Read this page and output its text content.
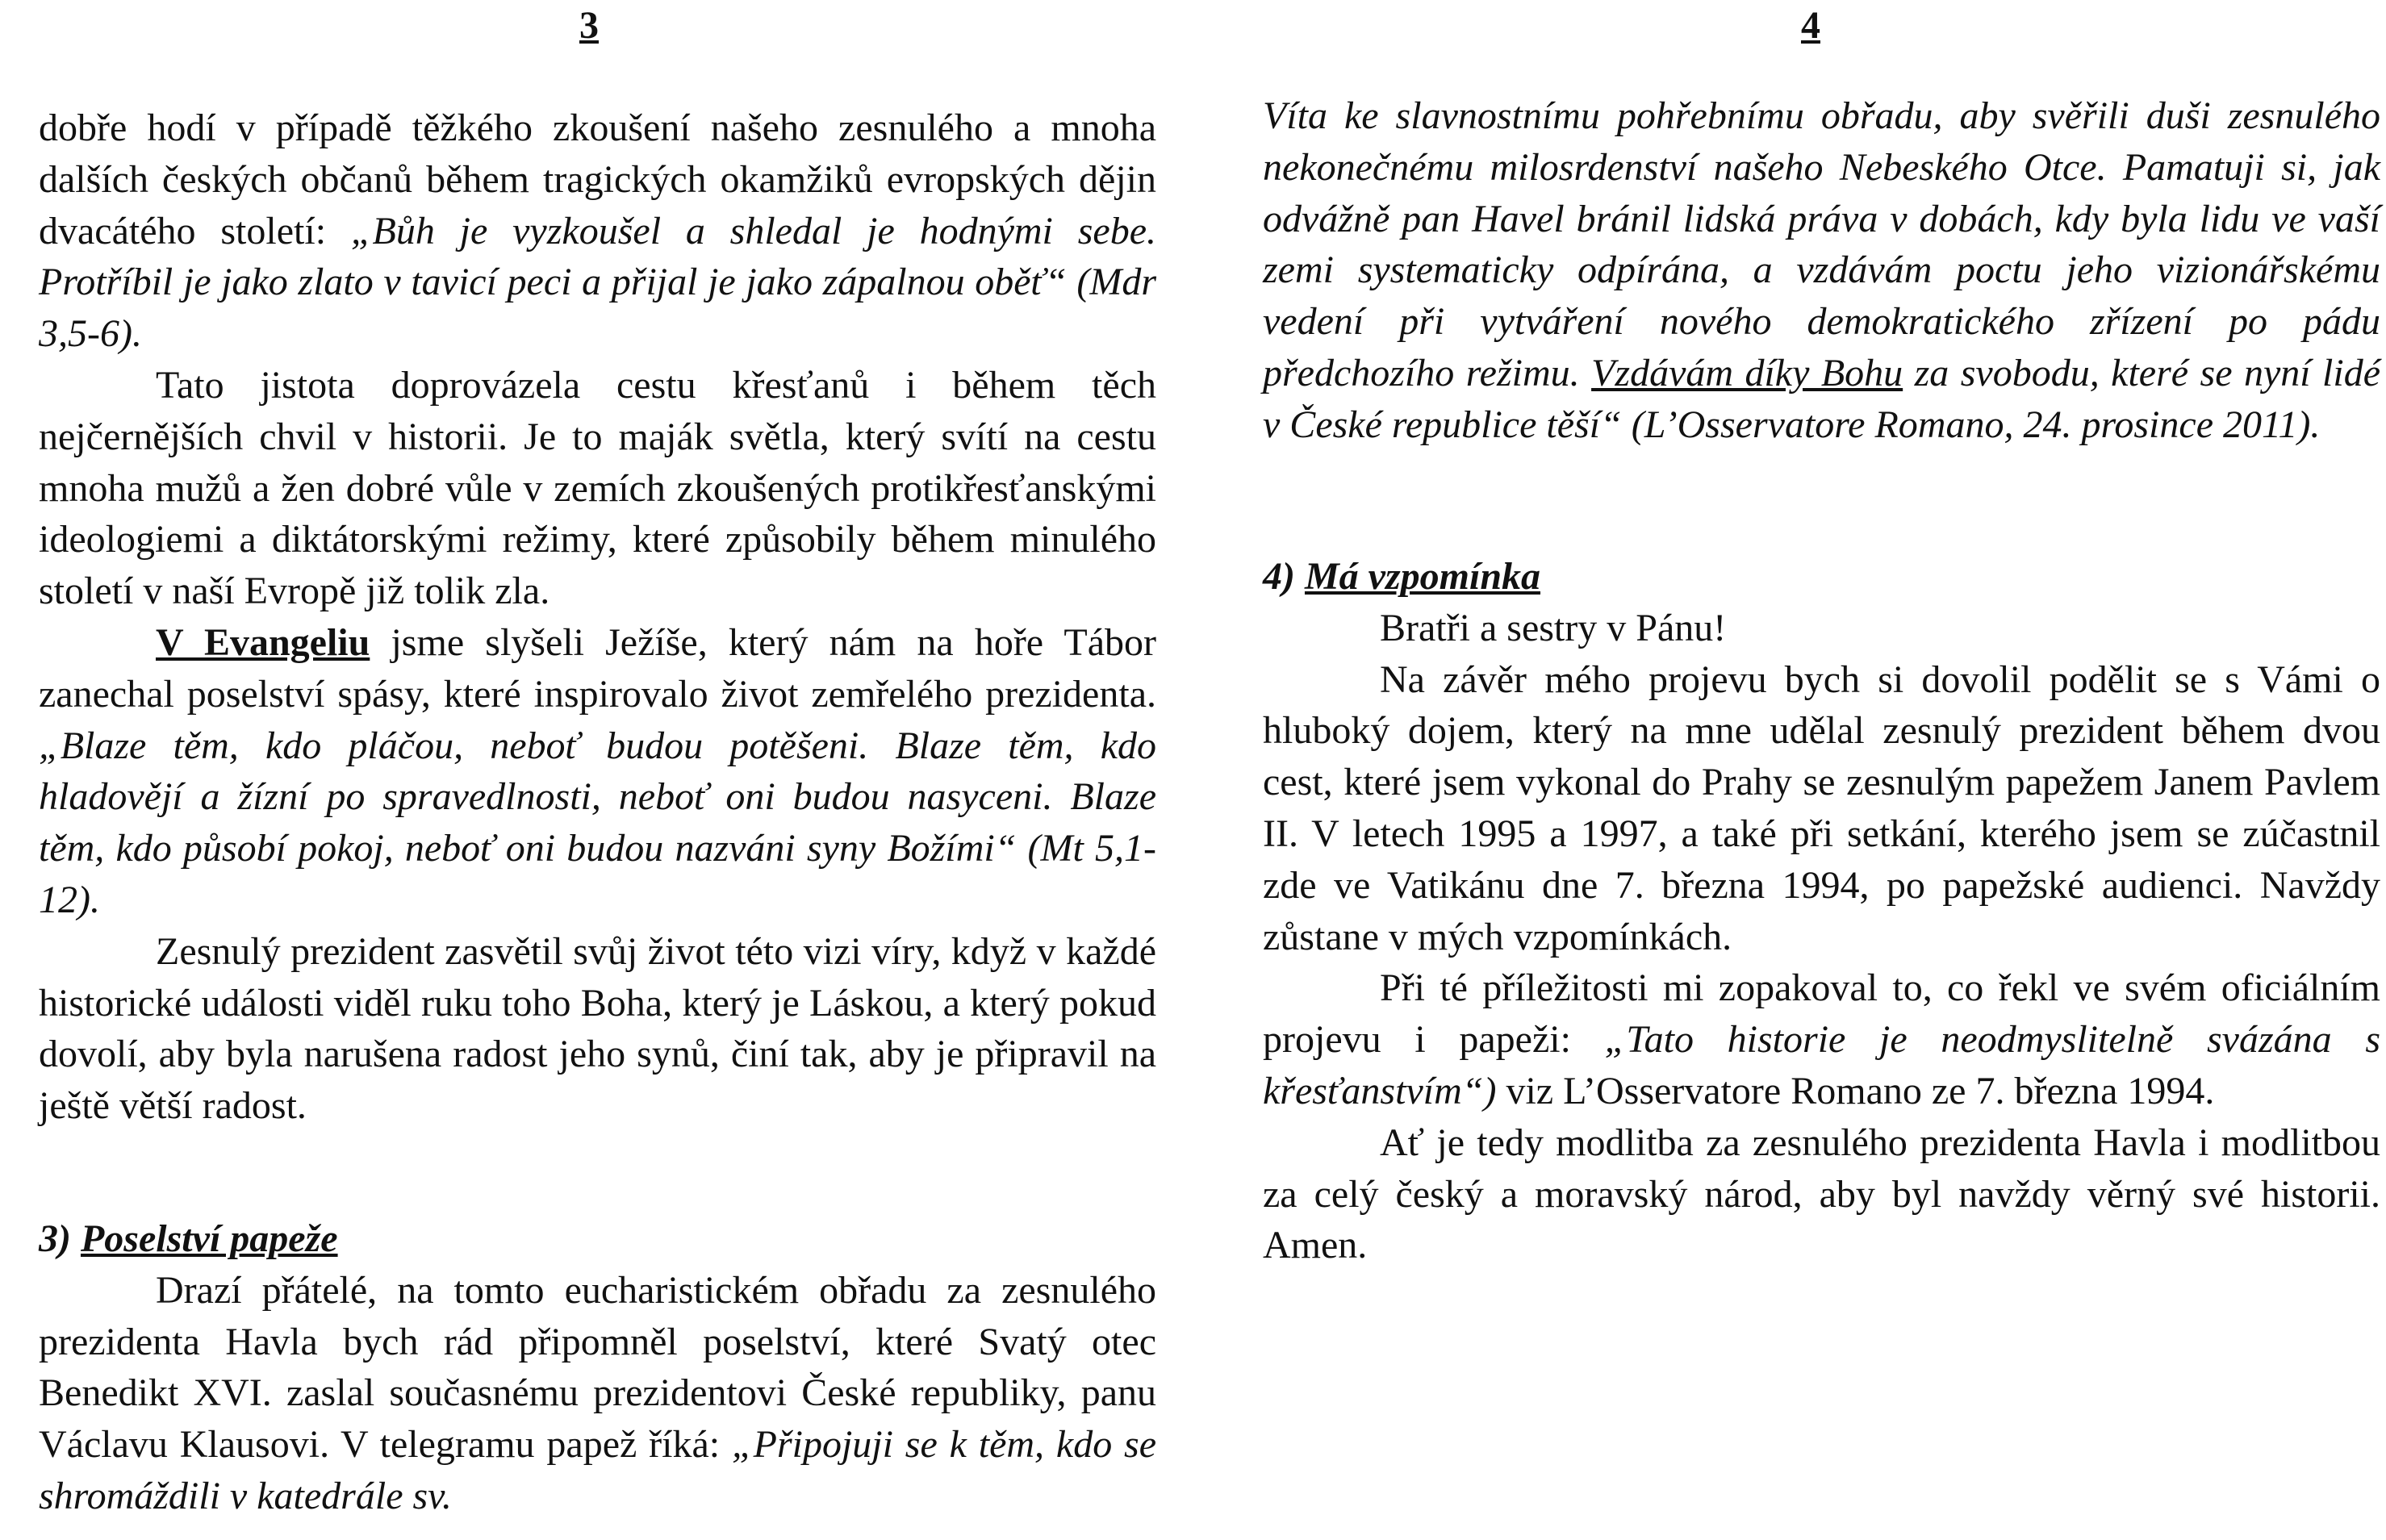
3

dobře hodí v případě těžkého zkoušení našeho zesnulého a mnoha dalších českých občanů během tragických okamžiků evropských dějin dvacátého století: „Bůh je vyzkoušel a shledal je hodnými sebe. Protříbil je jako zlato v tavicí peci a přijal je jako zápalnou oběť“ (Mdr 3,5-6).

Tato jistota doprovázela cestu křesťanů i během těch nejčernějších chvil v historii. Je to maják světla, který svítí na cestu mnoha mužů a žen dobré vůle v zemích zkoušených protikřesťanskými ideologiemi a diktátorskými režimy, které způsobily během minulého století v naší Evropě již tolik zla.

V Evangeliu jsme slyšeli Ježíše, který nám na hoře Tábor zanechal poselství spásy, které inspirovalo život zemřelého prezidenta. „Blaze těm, kdo pláčou, neboť budou potěšeni. Blaze těm, kdo hladovějí a žízní po spravedlnosti, neboť oni budou nasyceni. Blaze těm, kdo působí pokoj, neboť oni budou nazváni syny Božími“ (Mt 5,1-12).

Zesnulý prezident zasvětil svůj život této vizi víry, když v každé historické události viděl ruku toho Boha, který je Láskou, a který pokud dovolí, aby byla narušena radost jeho synů, činí tak, aby je připravil na ještě větší radost.

3) Poselství papeže

Drazí přátelé, na tomto eucharistickém obřadu za zesnulého prezidenta Havla bych rád připomněl poselství, které Svatý otec Benedikt XVI. zaslal současnému prezidentovi České republiky, panu Václavu Klausovi. V telegramu papež říká: „Připojuji se k těm, kdo se shromáždili v katedrále sv.

4

Víta ke slavnostnímu pohřebnímu obřadu, aby svěřili duši zesnulého nekonečnému milosrdenství našeho Nebeského Otce. Pamatuji si, jak odvážně pan Havel bránil lidská práva v dobách, kdy byla lidu ve vaší zemi systematicky odpírána, a vzdávám poctu jeho vizionářskému vedení při vytváření nového demokratického zřízení po pádu předchozího režimu. Vzdávám díky Bohu za svobodu, které se nyní lidé v České republice těší“ (L’Osservatore Romano, 24. prosince 2011).

4) Má vzpomínka

Bratři a sestry v Pánu!

Na závěr mého projevu bych si dovolil podělit se s Vámi o hluboký dojem, který na mne udělal zesnulý prezident během dvou cest, které jsem vykonal do Prahy se zesnulým papežem Janem Pavlem II. V letech 1995 a 1997, a také při setkání, kterého jsem se zúčastnil zde ve Vatikánu dne 7. března 1994, po papežské audienci. Navždy zůstane v mých vzpomínkách.

Při té příležitosti mi zopakoval to, co řekl ve svém oficiálním projevu i papeži: „Tato historie je neodmyslitelně svázána s křesťanstvím“) viz L’Osservatore Romano ze 7. března 1994.

Ať je tedy modlitba za zesnulého prezidenta Havla i modlitbou za celý český a moravský národ, aby byl navždy věrný své historii. Amen.
